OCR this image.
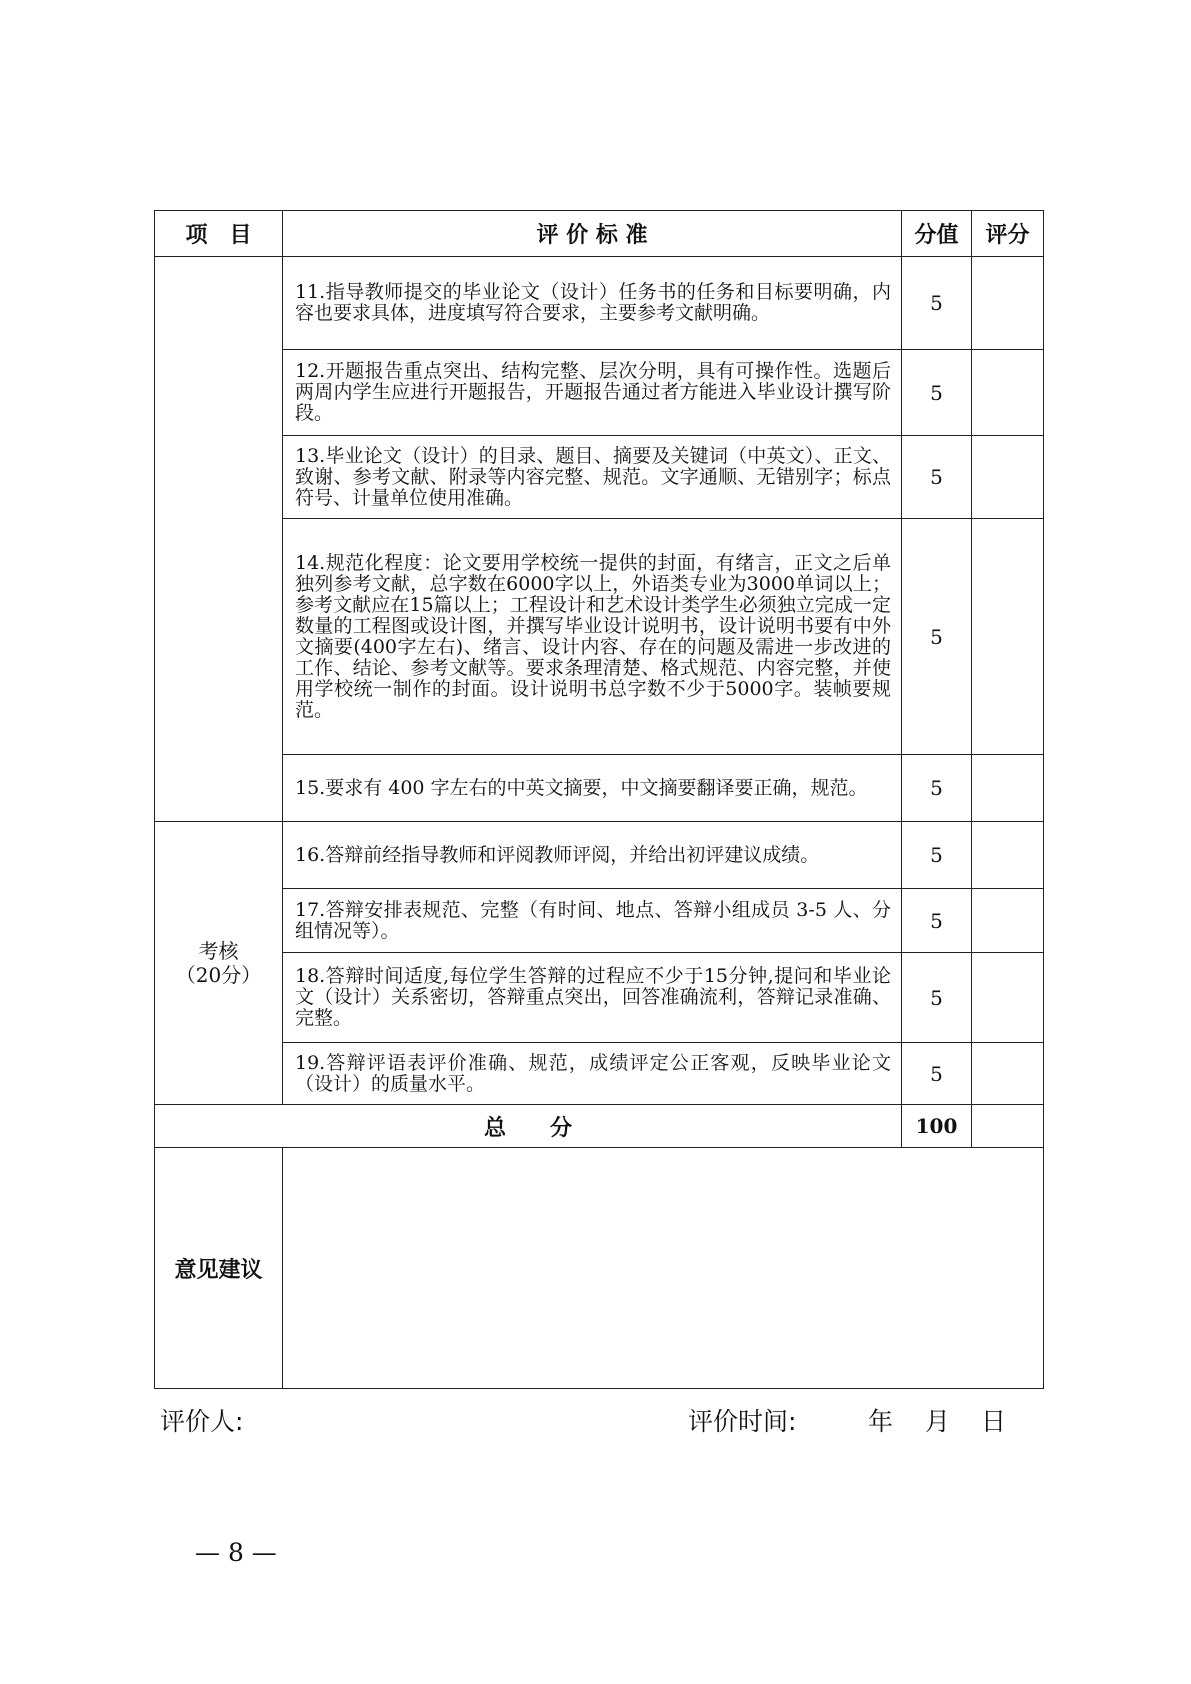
项　目	评 价 标 准	分值	评分
	11.指导教师提交的毕业论文（设计）任务书的任务和目标要明确，内容也要求具体，进度填写符合要求，主要参考文献明确。	5	
	12.开题报告重点突出、结构完整、层次分明，具有可操作性。选题后两周内学生应进行开题报告，开题报告通过者方能进入毕业设计撰写阶段。	5	
	13.毕业论文（设计）的目录、题目、摘要及关键词（中英文）、正文、致谢、参考文献、附录等内容完整、规范。文字通顺、无错别字；标点符号、计量单位使用准确。	5	
	14.规范化程度：论文要用学校统一提供的封面，有绪言，正文之后单独列参考文献，总字数在6000字以上，外语类专业为3000单词以上；参考文献应在15篇以上；工程设计和艺术设计类学生必须独立完成一定数量的工程图或设计图，并撰写毕业设计说明书，设计说明书要有中外文摘要(400字左右)、绪言、设计内容、存在的问题及需进一步改进的工作、结论、参考文献等。要求条理清楚、格式规范、内容完整，并使用学校统一制作的封面。设计说明书总字数不少于5000字。装帧要规范。	5	
	15.要求有 400 字左右的中英文摘要，中文摘要翻译要正确，规范。	5	

考核
（20分）	16.答辩前经指导教师和评阅教师评阅，并给出初评建议成绩。	5	
	17.答辩安排表规范、完整（有时间、地点、答辩小组成员 3-5 人、分组情况等）。	5	
	18.答辩时间适度,每位学生答辩的过程应不少于15分钟,提问和毕业论文（设计）关系密切，答辩重点突出，回答准确流利，答辩记录准确、完整。	5	
	19.答辩评语表评价准确、规范，成绩评定公正客观，反映毕业论文（设计）的质量水平。	5	
总　　分		100	
意见建议			
评价人:	评价时间:	年 月 日
— 8 —
